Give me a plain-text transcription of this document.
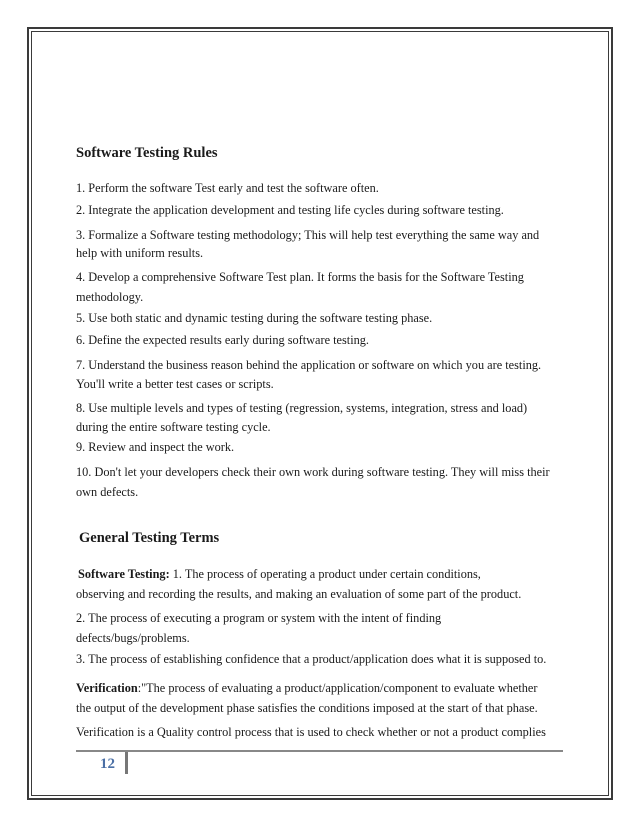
Software Testing Rules
1. Perform the software Test early and test the software often.
2. Integrate the application development and testing life cycles during software testing.
3. Formalize a Software testing methodology; This will help test everything the same way and
help with uniform results.
4. Develop a comprehensive Software Test plan. It forms the basis for the Software Testing
methodology.
5. Use both static and dynamic testing during the software testing phase.
6. Define the expected results early during software testing.
7. Understand the business reason behind the application or software on which you are testing.
You'll write a better test cases or scripts.
8. Use multiple levels and types of testing (regression, systems, integration, stress and load)
during the entire software testing cycle.
9. Review and inspect the work.
10. Don't let your developers check their own work during software testing. They will miss their
own defects.
General Testing Terms
Software Testing: 1. The process of operating a product under certain conditions,
observing and recording the results, and making an evaluation of some part of the product.
2. The process of executing a program or system with the intent of finding
defects/bugs/problems.
3. The process of establishing confidence that a product/application does what it is supposed to.
Verification:"The process of evaluating a product/application/component to evaluate whether
the output of the development phase satisfies the conditions imposed at the start of that phase.
Verification is a Quality control process that is used to check whether or not a product complies
12
